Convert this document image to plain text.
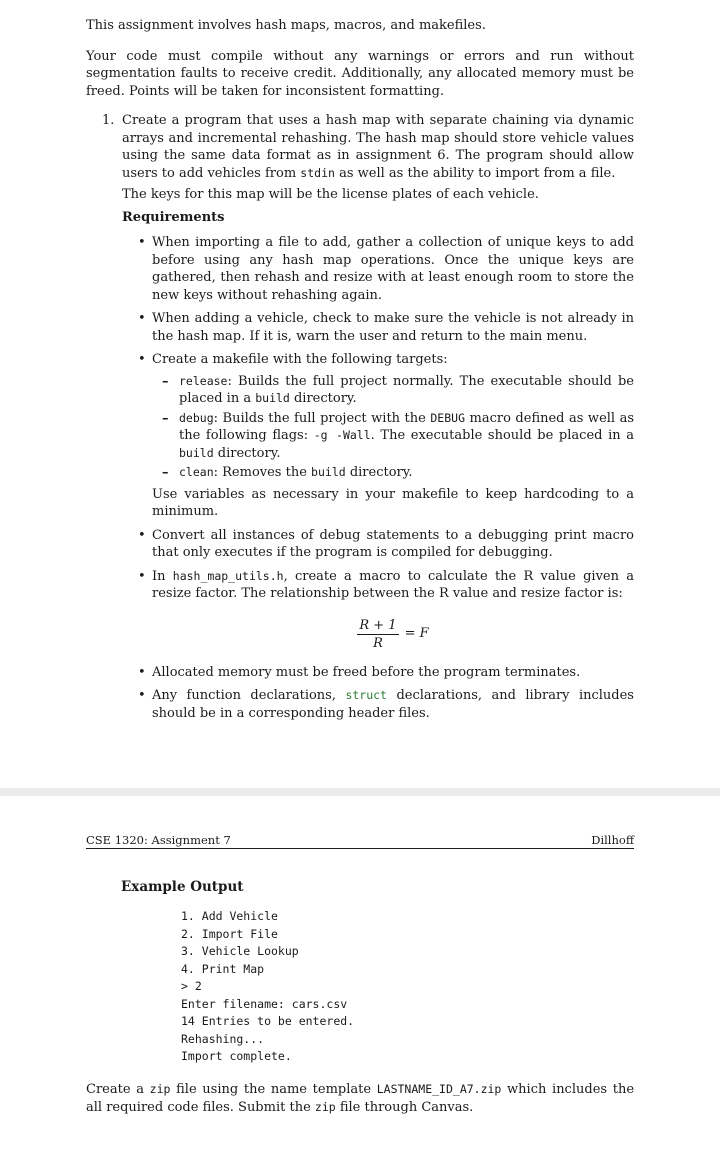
This assignment involves hash maps, macros, and makefiles.

Your code must compile without any warnings or errors and run without segmentation faults to receive credit. Additionally, any allocated memory must be freed. Points will be taken for inconsistent formatting.

1. Create a program that uses a hash map with separate chaining via dynamic arrays and incremental rehashing. The hash map should store vehicle values using the same data format as in assignment 6. The program should allow users to add vehicles from stdin as well as the ability to import from a file.

The keys for this map will be the license plates of each vehicle.

Requirements

• When importing a file to add, gather a collection of unique keys to add before using any hash map operations. Once the unique keys are gathered, then rehash and resize with at least enough room to store the new keys without rehashing again.
• When adding a vehicle, check to make sure the vehicle is not already in the hash map. If it is, warn the user and return to the main menu.
• Create a makefile with the following targets:
– release: Builds the full project normally. The executable should be placed in a build directory.
– debug: Builds the full project with the DEBUG macro defined as well as the following flags: -g -Wall. The executable should be placed in a build directory.
– clean: Removes the build directory.

Use variables as necessary in your makefile to keep hardcoding to a minimum.

• Convert all instances of debug statements to a debugging print macro that only executes if the program is compiled for debugging.
• In hash_map_utils.h, create a macro to calculate the R value given a resize factor. The relationship between the R value and resize factor is:
$\frac{R + 1}{R} = F$
• Allocated memory must be freed before the program terminates.
• Any function declarations, struct declarations, and library includes should be in a corresponding header files.
CSE 1320: Assignment 7	Dillhoff
Example Output
1. Add Vehicle
2. Import File
3. Vehicle Lookup
4. Print Map
> 2
Enter filename: cars.csv
14 Entries to be entered.
Rehashing...
Import complete.

Create a zip file using the name template LASTNAME_ID_A7.zip which includes the all required code files. Submit the zip file through Canvas.
